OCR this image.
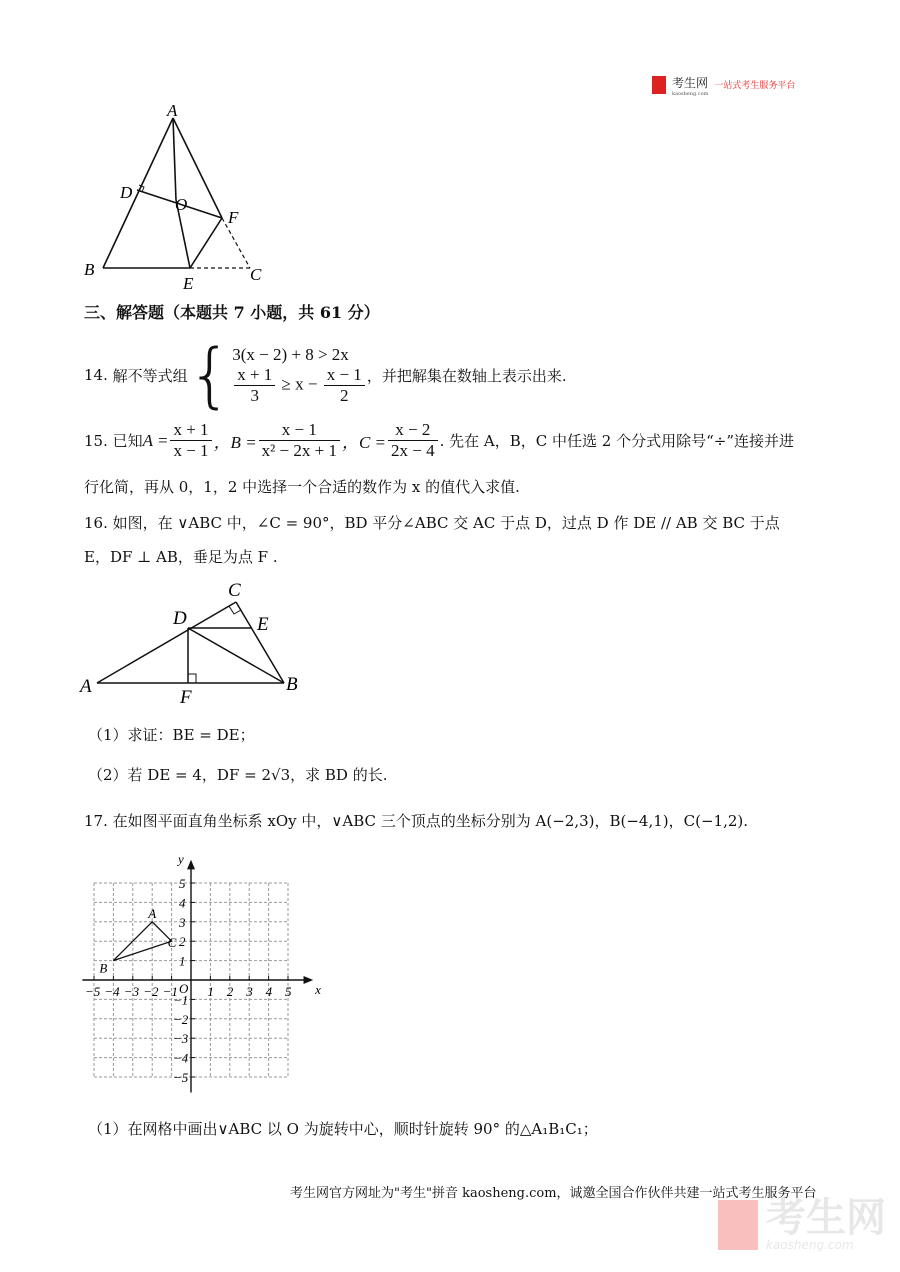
考生网
kaosheng.com
一站式考生服务平台
A
B	C
D
E
F
O
三、解答题（本题共 7 小题，共 61 分）
14.
解不等式组 { 3(x − 2) + 8 > 2x
$\frac{x + 1}{3} \ge x - \frac{x - 1}{2}$ ，并把解集在数轴上表示出来.
15.
已知 $A = \frac{x + 1}{x - 1}$ ，$B = \frac{x - 1}{\text{x² − 2x + 1}}$ ，$C = \frac{x - 2}{2x - 4}$ . 先在 A，B，C 中任选 2 个分式用除号“÷”连接并进
行化简，再从 0，1，2 中选择一个合适的数作为 x 的值代入求值.
16. 如图，在 ∨ABC 中，∠C = 90°，BD 平分∠ABC 交 AC 于点 D，过点 D 作 DE // AB 交 BC 于点
E，DF ⊥ AB，垂足为点 F .
A	B
C
D	E
F
（1）求证：BE = DE；
（2）若 DE = 4，DF = 2√3，求 BD 的长.
17. 在如图平面直角坐标系 xOy 中，∨ABC 三个顶点的坐标分别为 A(−2,3)，B(−4,1)，C(−1,2).
x
y
O
−5 −4 −3 −2 −1 1 2 3 4 5
5
4
3
2
1
−1
−2
−3
−4
−5
A
B
C
（1）在网格中画出∨ABC 以 O 为旋转中心，顺时针旋转 90° 的△A₁B₁C₁；
考生网官方网址为"考生"拼音 kaosheng.com，诚邀全国合作伙伴共建一站式考生服务平台
考生网
kaosheng.com
